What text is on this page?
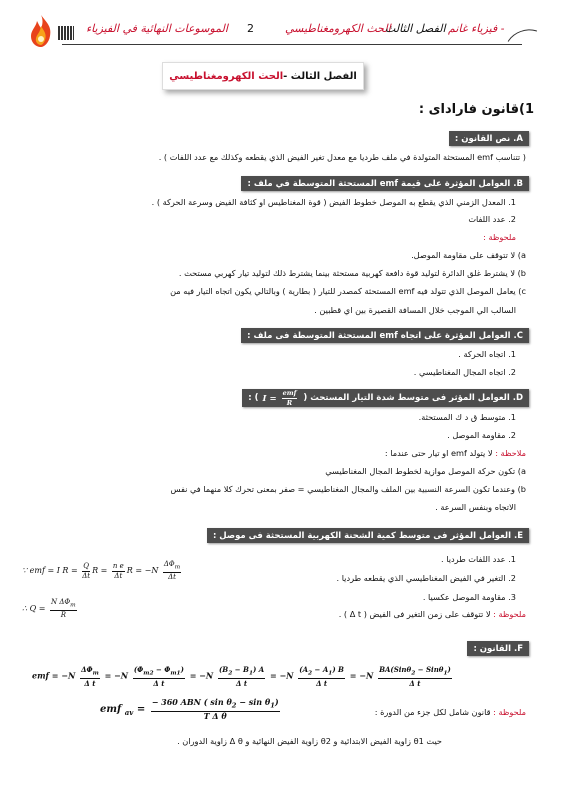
الموسوعات النهائية في الفيزياء 2	الحث الكهرومغناطيسي
الفصل الثالث فيزياء غانم -
الفصل الثالث -
الحث الكهرومغناطيسي
1)قانون فاراداى :
A. نص القانون :
( تتناسب emf المستحثة المتولدة في ملف طرديا مع معدل تغير الفيض الذي يقطعه وكذلك مع عدد اللفات ) .
B. العوامل المؤثرة على قيمة emf المستحثة المتوسطة في ملف :
1. المعدل الزمني الذي يقطع به الموصل خطوط الفيض ( قوة المغناطيس او كثافة الفيض وسرعة الحركة ) .
2. عدد اللفات
ملحوظة :
a) لا تتوقف على مقاومة الموصل.
b) لا يشترط غلق الدائرة لتوليد قوة دافعة كهربية مستحثة بينما يشترط ذلك لتوليد تيار كهربي مستحث .
c) يعامل الموصل الذي تتولد فيه emf المستحثة كمصدر للتيار ( بطارية ) وبالتالي يكون اتجاه التيار فيه من
السالب الي الموجب خلال المسافة القصيرة بين اي قطبين .
C. العوامل المؤثرة على اتجاه emf المستحثة المتوسطة فى ملف :
1. اتجاه الحركة .
2. اتجاه المجال المغناطيسي .
D. العوامل المؤثر فى متوسط شدة التيار المستحث (
$I = \frac{\text{emf}}{R}$
) :
1. متوسط ق د ك المستحثة.
2. مقاومة الموصل .
ملاحظة : لا يتولد emf او تيار حتى عندما :
a) تكون حركة الموصل موازية لخطوط المجال المغناطيسي
b) وعندما تكون السرعة النسبية بين الملف والمجال المغناطيسي = صفر بمعنى تحرك كلا منهما في نفس
الاتجاه وبنفس السرعة .
E. العوامل المؤثر فى متوسط كمية الشحنة الكهربية المستحثة فى موصل :
1. عدد اللفات طرديا .
2. التغير في الفيض المغناطيسي الذي يقطعه طرديا .
3. مقاومة الموصل عكسيا .
ملحوظة : لا تتوقف على زمن التغير فى الفيض ( Δ t ) .
∵ emf = I $R = \frac{Q}{\Delta t}$ $R = \frac{\text{n e}}{\Delta t}$ $R = -N \frac{\Delta\Phi_m}{\Delta t}$
∴ $Q = \frac{N \Delta\Phi_m}{R}$
F. القانون :
emf = $-N \frac{\Delta\Phi_m}{\text{Δ t}} = -N \frac{(\Phi_{m2} - \Phi_{m1})}{\text{Δ t}} = -N \frac{(B_2 - B_1) A}{\text{Δ t}} = -N \frac{(A_2 - A_1) B}{\text{Δ t}} = -N \frac{BA(Sin\theta_2 - Sin\theta_1)}{\text{Δ t}}$
emf $_{av} = \frac{- 360 ABN ( \sin \theta_2 - \sin \theta_1)}{\text{T Δ θ}}$	ملحوظة : قانون شامل لكل جزء من الدورة :
حيث θ1 زاوية الفيض الابتدائية و θ2 زاوية الفيض النهائية و Δ θ زاوية الدوران .
